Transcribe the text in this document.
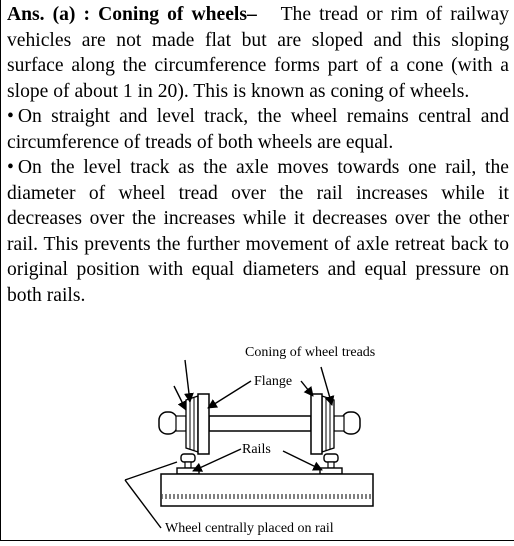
Ans. (a) : Coning of wheels– The tread or rim of railway vehicles are not made flat but are sloped and this sloping surface along the circumference forms part of a cone (with a slope of about 1 in 20). This is known as coning of wheels.

• On straight and level track, the wheel remains central and circumference of treads of both wheels are equal.

• On the level track as the axle moves towards one rail, the diameter of wheel tread over the rail increases while it decreases over the increases while it decreases over the other rail. This prevents the further movement of axle retreat back to original position with equal diameters and equal pressure on both rails.

Coning of wheel treads
Flange
Rails
Wheel centrally placed on rail
